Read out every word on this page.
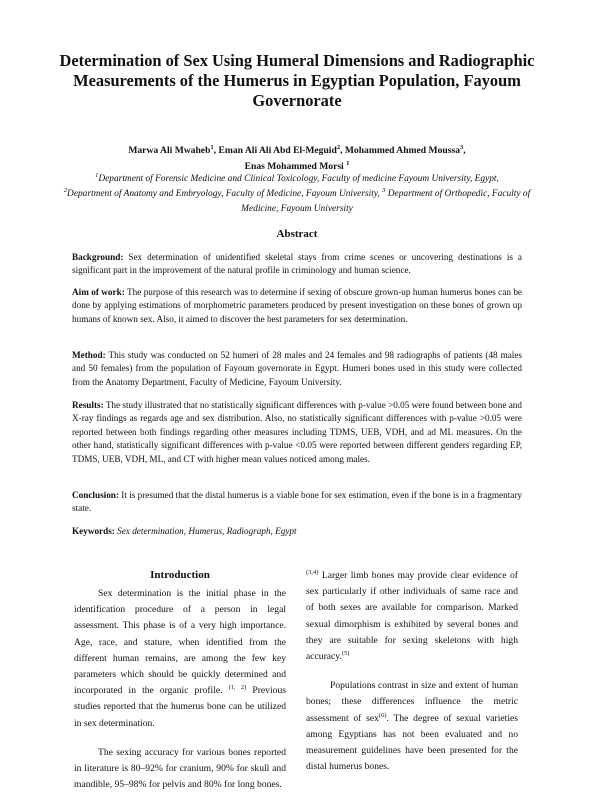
Determination of Sex Using Humeral Dimensions and Radiographic Measurements of the Humerus in Egyptian Population, Fayoum Governorate
Marwa Ali Mwaheb$^1$, Eman Ali Ali Abd El-Meguid$^2$, Mohammed Ahmed Moussa$^3$,
Enas Mohammed Morsi $^1$
$^1$Department of Forensic Medicine and Clinical Toxicology, Faculty of medicine Fayoum University, Egypt,
$^2$Department of Anatomy and Embryology, Faculty of Medicine, Fayoum University, $^3$ Department of Orthopedic, Faculty of Medicine, Fayoum University
Abstract
Background: Sex determination of unidentified skeletal stays from crime scenes or uncovering destinations is a significant part in the improvement of the natural profile in criminology and human science.
Aim of work: The purpose of this research was to determine if sexing of obscure grown-up human humerus bones can be done by applying estimations of morphometric parameters produced by present investigation on these bones of grown up humans of known sex. Also, it aimed to discover the best parameters for sex determination.
Method: This study was conducted on 52 humeri of 28 males and 24 females and 98 radiographs of patients (48 males and 50 females) from the population of Fayoum governorate in Egypt. Humeri bones used in this study were collected from the Anatomy Department, Faculty of Medicine, Fayoum University.
Results: The study illustrated that no statistically significant differences with p-value >0.05 were found between bone and X-ray findings as regards age and sex distribution. Also, no statistically significant differences with p-value >0.05 were reported between both findings regarding other measures including TDMS, UEB, VDH, and ad ML measures. On the other hand, statistically significant differences with p-value <0.05 were reported between different genders regarding EP, TDMS, UEB, VDH, ML, and CT with higher mean values noticed among males.
Conclusion: It is presumed that the distal humerus is a viable bone for sex estimation, even if the bone is in a fragmentary state.
Keywords: Sex determination, Humerus, Radiograph, Egypt
Introduction
Sex determination is the initial phase in the identification procedure of a person in legal assessment. This phase is of a very high importance. Age, race, and stature, when identified from the different human remains, are among the few key parameters which should be quickly determined and incorporated in the organic profile. $^{(1, 2)}$ Previous studies reported that the humerus bone can be utilized in sex determination.
The sexing accuracy for various bones reported in literature is 80–92% for cranium, 90% for skull and mandible, 95–98% for pelvis and 80% for long bones.
$^{(3,4)}$ Larger limb bones may provide clear evidence of sex particularly if other individuals of same race and of both sexes are available for comparison. Marked sexual dimorphism is exhibited by several bones and they are suitable for sexing skeletons with high accuracy.$^{(5)}$
Populations contrast in size and extent of human bones; these differences influence the metric assessment of sex$^{(6)}$. The degree of sexual varieties among Egyptians has not been evaluated and no measurement guidelines have been presented for the distal humerus bones.
